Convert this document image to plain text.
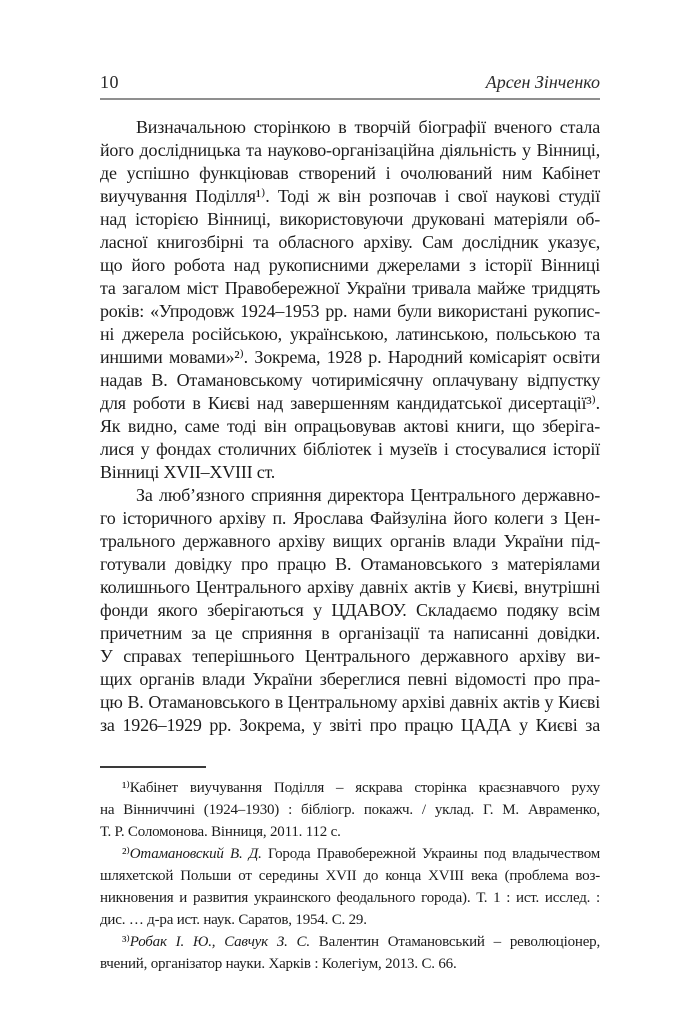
10	Арсен Зінченко
Визначальною сторінкою в творчій біографії вченого стала
його дослідницька та науково-організаційна діяльність у Вінниці,
де успішно функціював створений і очолюваний ним Кабінет
виучування Поділля¹⁾. Тоді ж він розпочав і свої наукові студії
над історією Вінниці, використовуючи друковані матеріяли об-
ласної книгозбірні та обласного архіву. Сам дослідник указує,
що його робота над рукописними джерелами з історії Вінниці
та загалом міст Правобережної України тривала майже тридцять
років: «Упродовж 1924–1953 рр. нами були використані рукопис-
ні джерела російською, українською, латинською, польською та
иншими мовами»²⁾. Зокрема, 1928 р. Народний комісаріят освіти
надав В. Отамановському чотиримісячну оплачувану відпустку
для роботи в Києві над завершенням кандидатської дисертації³⁾.
Як видно, саме тоді він опрацьовував актові книги, що зберіга-
лися у фондах столичних бібліотек і музеїв і стосувалися історії
Вінниці XVII–XVIII ст.
За люб’язного сприяння директора Центрального державно-
го історичного архіву п. Ярослава Файзуліна його колеги з Цен-
трального державного архіву вищих органів влади України під-
готували довідку про працю В. Отамановського з матеріялами
колишнього Центрального архіву давніх актів у Києві, внутрішні
фонди якого зберігаються у ЦДАВОУ. Складаємо подяку всім
причетним за це сприяння в організації та написанні довідки.
У справах теперішнього Центрального державного архіву ви-
щих органів влади України збереглися певні відомості про пра-
цю В. Отамановського в Центральному архіві давніх актів у Києві
за 1926–1929 рр. Зокрема, у звіті про працю ЦАДА у Києві за
¹⁾Кабінет виучування Поділля – яскрава сторінка краєзнавчого руху
на Вінниччині (1924–1930) : бібліогр. покажч. / уклад. Г. М. Авраменко,
Т. Р. Соломонова. Вінниця, 2011. 112 с.
²⁾Отамановский В. Д. Города Правобережной Украины под владычеством
шляхетской Польши от середины XVII до конца XVIII века (проблема воз-
никновения и развития украинского феодального города). Т. 1 : ист. исслед. :
дис. … д-ра ист. наук. Саратов, 1954. С. 29.
³⁾Робак І. Ю., Савчук З. С. Валентин Отамановський – революціонер,
вчений, організатор науки. Харків : Колегіум, 2013. С. 66.
